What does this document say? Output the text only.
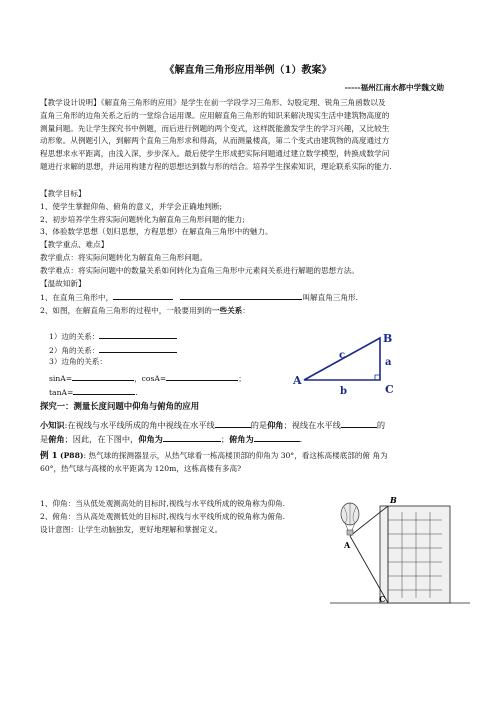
《解直角三角形应用举例（1）教案》
-----福州江南水都中学魏文勋
【教学设计说明】《解直角三角形的应用》是学生在前一学段学习三角形、勾股定理、锐角三角函数以及
直角三角形的边角关系之后的一堂综合运用课。应用解直角三角形的知识来解决现实生活中建筑物高度的
测量问题。先让学生探究书中例题，而后进行例题的两个变式，这样既能激发学生的学习兴趣，又比较生
动形象。从例题引入，到解两个直角三角形求和得高，从而测量楼高，第二个变式由建筑物的高度通过方
程思想求水平距离，由浅入深，步步深入。最后使学生形成把实际问题通过建立数学模型，转换成数学问
题进行求解的思想，并运用构建方程的思想达到数与形的结合。培养学生探索知识，理论联系实际的能力.
【教学目标】
1、使学生掌握仰角、俯角的意义，并学会正确地判断;
2、初步培养学生将实际问题转化为解直角三角形问题的能力;
3、体验数学思想（划归思想，方程思想）在解直角三角形中的魅力。
【教学重点、难点】
教学重点：将实际问题转化为解直角三角形问题。
教学难点：将实际问题中的数量关系如何转化为直角三角形中元素间关系进行解题的思想方法。
【温故知新】
1、在直角三角形中，	叫解直角三角形.
2、如图，在解直角三角形的过程中，一般要用到的一些关系：
1）边的关系：
2）角的关系：
3）边角的关系：
sinA=	，cosA=	；
tanA=	.
A
B
C
a
b
c
探究一：测量长度问题中仰角与俯角的应用
小知识:在视线与水平线所成的角中视线在水平线	的是仰角；视线在水平线	的
是俯角；因此，在下图中，仰角为	；俯角为	.
例 1 (P88): 热气球的探测器显示，从热气球看一栋高楼顶部的仰角为 30°，看这栋高楼底部的俯 角为
60°，热气球与高楼的水平距离为 120m，这栋高楼有多高?
1、仰角：当从低处观测高处的目标时,视线与水平线所成的锐角称为仰角.
2、俯角：当从高处观测低处的目标时,视线与水平线所成的锐角称为俯角.
设计意图：让学生动脑独发，更好地理解和掌握定义。
A
B
C
